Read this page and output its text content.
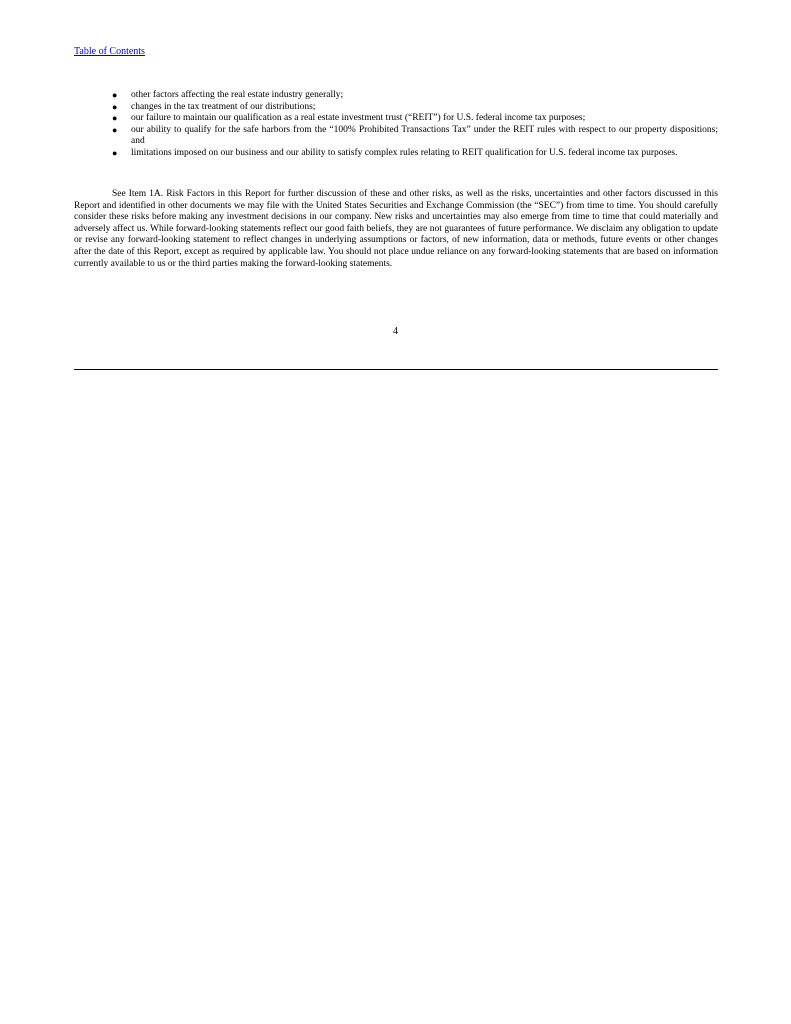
Table of Contents
● other factors affecting the real estate industry generally;
● changes in the tax treatment of our distributions;
● our failure to maintain our qualification as a real estate investment trust (“REIT”) for U.S. federal income tax purposes;
● our ability to qualify for the safe harbors from the “100% Prohibited Transactions Tax” under the REIT rules with respect to our property dispositions; and
● limitations imposed on our business and our ability to satisfy complex rules relating to REIT qualification for U.S. federal income tax purposes.

See Item 1A. Risk Factors in this Report for further discussion of these and other risks, as well as the risks, uncertainties and other factors discussed in this Report and identified in other documents we may file with the United States Securities and Exchange Commission (the “SEC”) from time to time. You should carefully consider these risks before making any investment decisions in our company. New risks and uncertainties may also emerge from time to time that could materially and adversely affect us. While forward-looking statements reflect our good faith beliefs, they are not guarantees of future performance. We disclaim any obligation to update or revise any forward-looking statement to reflect changes in underlying assumptions or factors, of new information, data or methods, future events or other changes after the date of this Report, except as required by applicable law. You should not place undue reliance on any forward-looking statements that are based on information currently available to us or the third parties making the forward-looking statements.

4
